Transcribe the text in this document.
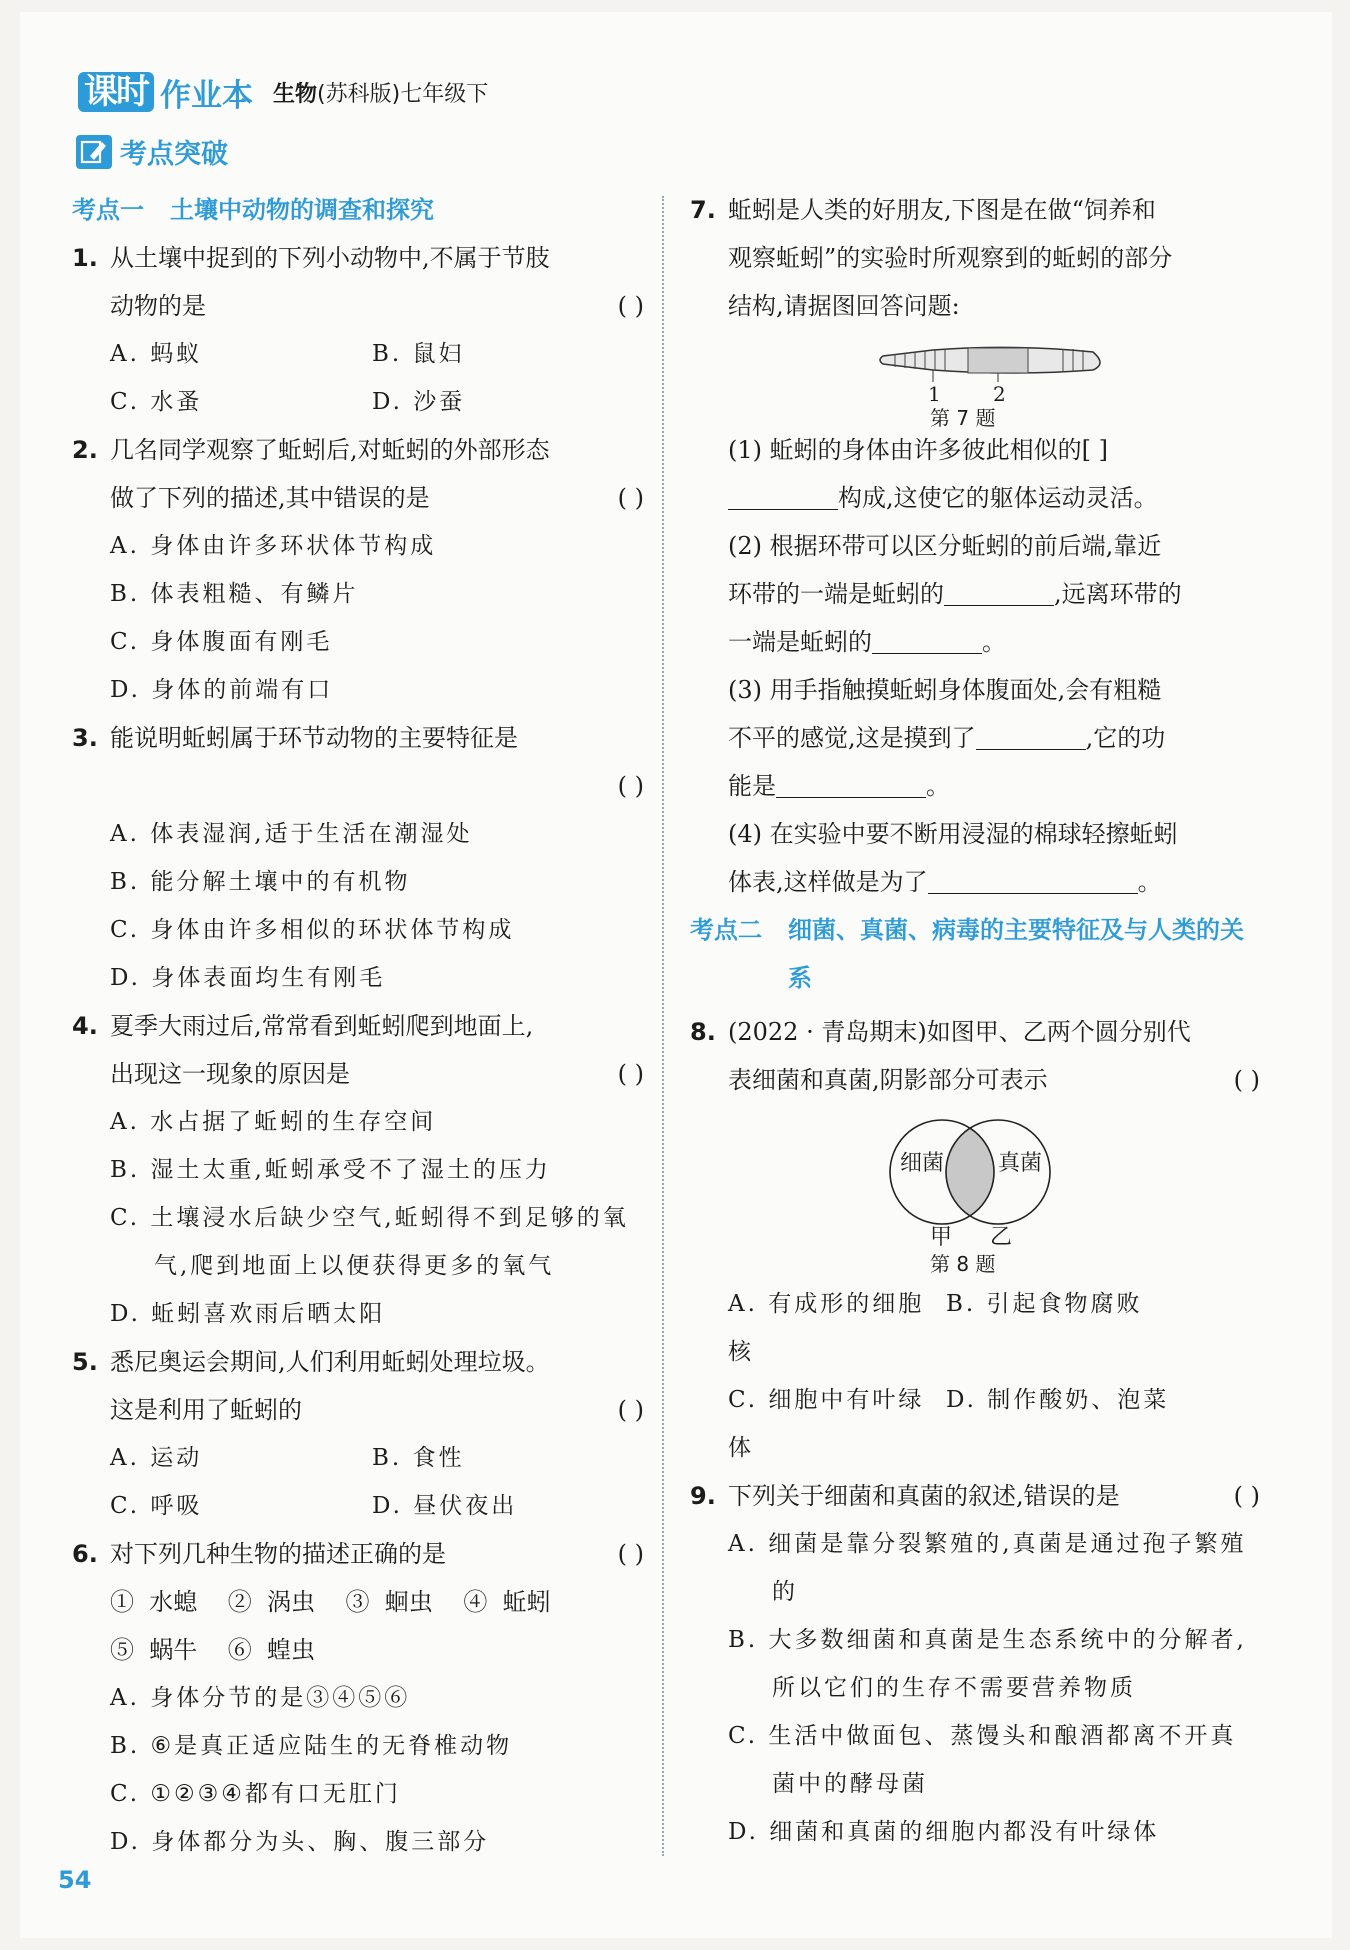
课时 作业本 生物 (苏科版) 七年级下
考点突破
考点一 土壤中动物的调查和探究
1. 从土壤中捉到的下列小动物中,不属于节肢
动物的是	( )
A. 蚂蚁	B. 鼠妇
C. 水蚤	D. 沙蚕
2. 几名同学观察了蚯蚓后,对蚯蚓的外部形态
做了下列的描述,其中错误的是	( )
A. 身体由许多环状体节构成
B. 体表粗糙、有鳞片
C. 身体腹面有刚毛
D. 身体的前端有口
3. 能说明蚯蚓属于环节动物的主要特征是
( )
A. 体表湿润,适于生活在潮湿处
B. 能分解土壤中的有机物
C. 身体由许多相似的环状体节构成
D. 身体表面均生有刚毛
4. 夏季大雨过后,常常看到蚯蚓爬到地面上,
出现这一现象的原因是	( )
A. 水占据了蚯蚓的生存空间
B. 湿土太重,蚯蚓承受不了湿土的压力
C. 土壤浸水后缺少空气,蚯蚓得不到足够的氧气,爬到地面上以便获得更多的氧气
D. 蚯蚓喜欢雨后晒太阳
5. 悉尼奥运会期间,人们利用蚯蚓处理垃圾。
这是利用了蚯蚓的	( )
A. 运动	B. 食性
C. 呼吸	D. 昼伏夜出
6. 对下列几种生物的描述正确的是	( )
①  水螅    ②  涡虫    ③  蛔虫    ④  蚯蚓
⑤  蜗牛    ⑥  蝗虫
A. 身体分节的是③④⑤⑥
B. ⑥是真正适应陆生的无脊椎动物
C. ①②③④都有口无肛门
D. 身体都分为头、胸、腹三部分
7. 蚯蚓是人类的好朋友,下图是在做“饲养和
观察蚯蚓”的实验时所观察到的蚯蚓的部分
结构,请据图回答问题:
1	2
第 7 题
(1) 蚯蚓的身体由许多彼此相似的[ ]
构成,这使它的躯体运动灵活。
(2) 根据环带可以区分蚯蚓的前后端,靠近
环带的一端是蚯蚓的	,远离环带的
一端是蚯蚓的	。
(3) 用手指触摸蚯蚓身体腹面处,会有粗糙
不平的感觉,这是摸到了	,它的功
能是	。
(4) 在实验中要不断用浸湿的棉球轻擦蚯蚓
体表,这样做是为了	。
考点二 细菌、真菌、病毒的主要特征及与人类的关系
8. (2022 · 青岛期末)如图甲、乙两个圆分别代
表细菌和真菌,阴影部分可表示	( )
细菌 真菌
甲 乙
第 8 题
A. 有成形的细胞核
B. 引起食物腐败
C. 细胞中有叶绿体
D. 制作酸奶、泡菜
9. 下列关于细菌和真菌的叙述,错误的是	( )
A. 细菌是靠分裂繁殖的,真菌是通过孢子繁殖的
B. 大多数细菌和真菌是生态系统中的分解者,所以它们的生存不需要营养物质
C. 生活中做面包、蒸馒头和酿酒都离不开真菌中的酵母菌
D. 细菌和真菌的细胞内都没有叶绿体
54
